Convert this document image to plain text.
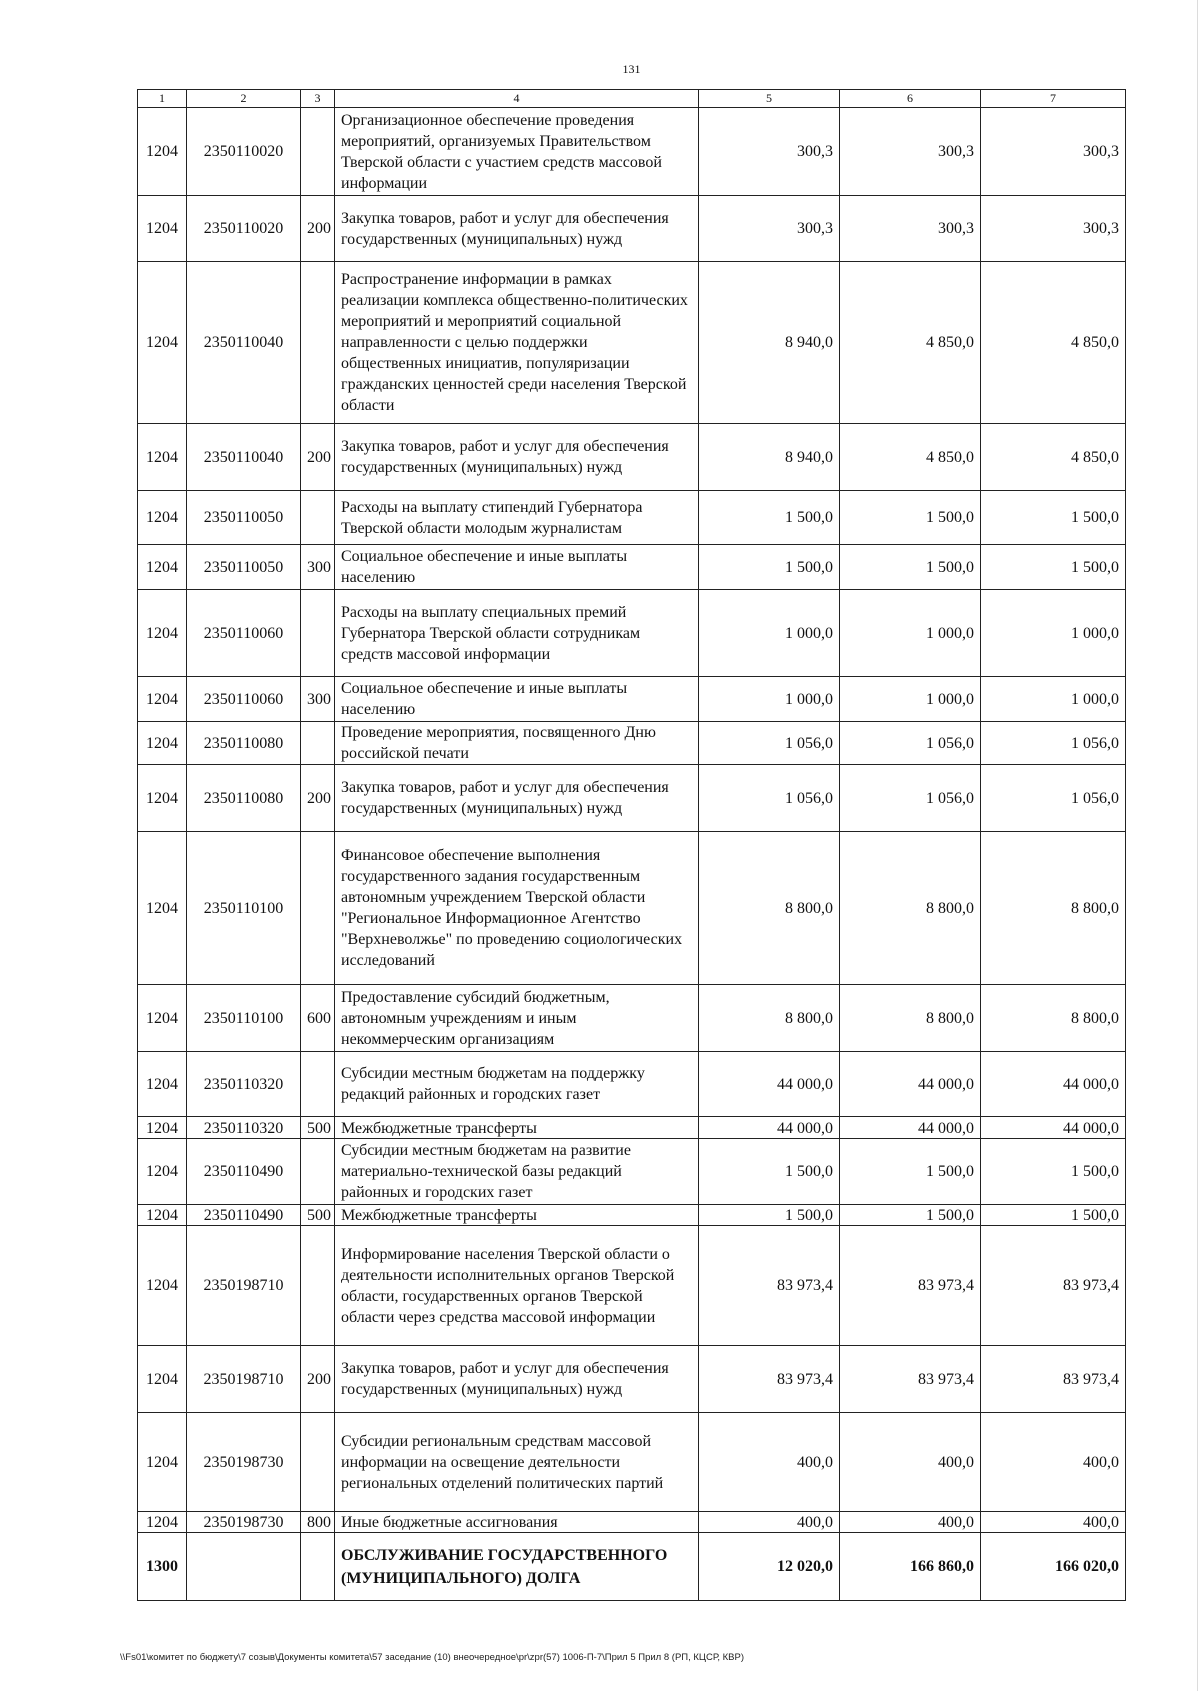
131
1	2	3	4	5	6	7
1204	2350110020		Организационное обеспечение проведения мероприятий, организуемых Правительством Тверской области с участием средств массовой информации	300,3	300,3	300,3
1204	2350110020	200	Закупка товаров, работ и услуг для обеспечения государственных (муниципальных) нужд	300,3	300,3	300,3
1204	2350110040		Распространение информации в рамках реализации комплекса общественно-политических мероприятий и мероприятий социальной направленности с целью поддержки общественных инициатив, популяризации гражданских ценностей среди населения Тверской области	8 940,0	4 850,0	4 850,0
1204	2350110040	200	Закупка товаров, работ и услуг для обеспечения государственных (муниципальных) нужд	8 940,0	4 850,0	4 850,0
1204	2350110050		Расходы на выплату стипендий Губернатора Тверской области молодым журналистам	1 500,0	1 500,0	1 500,0
1204	2350110050	300	Социальное обеспечение и иные выплаты населению	1 500,0	1 500,0	1 500,0
1204	2350110060		Расходы на выплату специальных премий Губернатора Тверской области сотрудникам средств массовой информации	1 000,0	1 000,0	1 000,0
1204	2350110060	300	Социальное обеспечение и иные выплаты населению	1 000,0	1 000,0	1 000,0
1204	2350110080		Проведение мероприятия, посвященного Дню российской печати	1 056,0	1 056,0	1 056,0
1204	2350110080	200	Закупка товаров, работ и услуг для обеспечения государственных (муниципальных) нужд	1 056,0	1 056,0	1 056,0
1204	2350110100		Финансовое обеспечение выполнения государственного задания государственным автономным учреждением Тверской области "Региональное Информационное Агентство "Верхневолжье" по проведению социологических исследований	8 800,0	8 800,0	8 800,0
1204	2350110100	600	Предоставление субсидий бюджетным, автономным учреждениям и иным некоммерческим организациям	8 800,0	8 800,0	8 800,0
1204	2350110320		Субсидии местным бюджетам на поддержку редакций районных и городских газет	44 000,0	44 000,0	44 000,0
1204	2350110320	500	Межбюджетные трансферты	44 000,0	44 000,0	44 000,0
1204	2350110490		Субсидии местным бюджетам на развитие материально-технической базы редакций районных и городских газет	1 500,0	1 500,0	1 500,0
1204	2350110490	500	Межбюджетные трансферты	1 500,0	1 500,0	1 500,0
1204	2350198710		Информирование населения Тверской области о деятельности исполнительных органов Тверской области, государственных органов Тверской области через средства массовой информации	83 973,4	83 973,4	83 973,4
1204	2350198710	200	Закупка товаров, работ и услуг для обеспечения государственных (муниципальных) нужд	83 973,4	83 973,4	83 973,4
1204	2350198730		Субсидии региональным средствам массовой информации на освещение деятельности региональных отделений политических партий	400,0	400,0	400,0
1204	2350198730	800	Иные бюджетные ассигнования	400,0	400,0	400,0
1300			ОБСЛУЖИВАНИЕ ГОСУДАРСТВЕННОГО (МУНИЦИПАЛЬНОГО) ДОЛГА	12 020,0	166 860,0	166 020,0
\\Fs01\комитет по бюджету\7 созыв\Документы комитета\57 заседание (10) внеочередное\pr\zpr(57) 1006-П-7\Прил 5 Прил 8 (РП, КЦСР, КВР)
